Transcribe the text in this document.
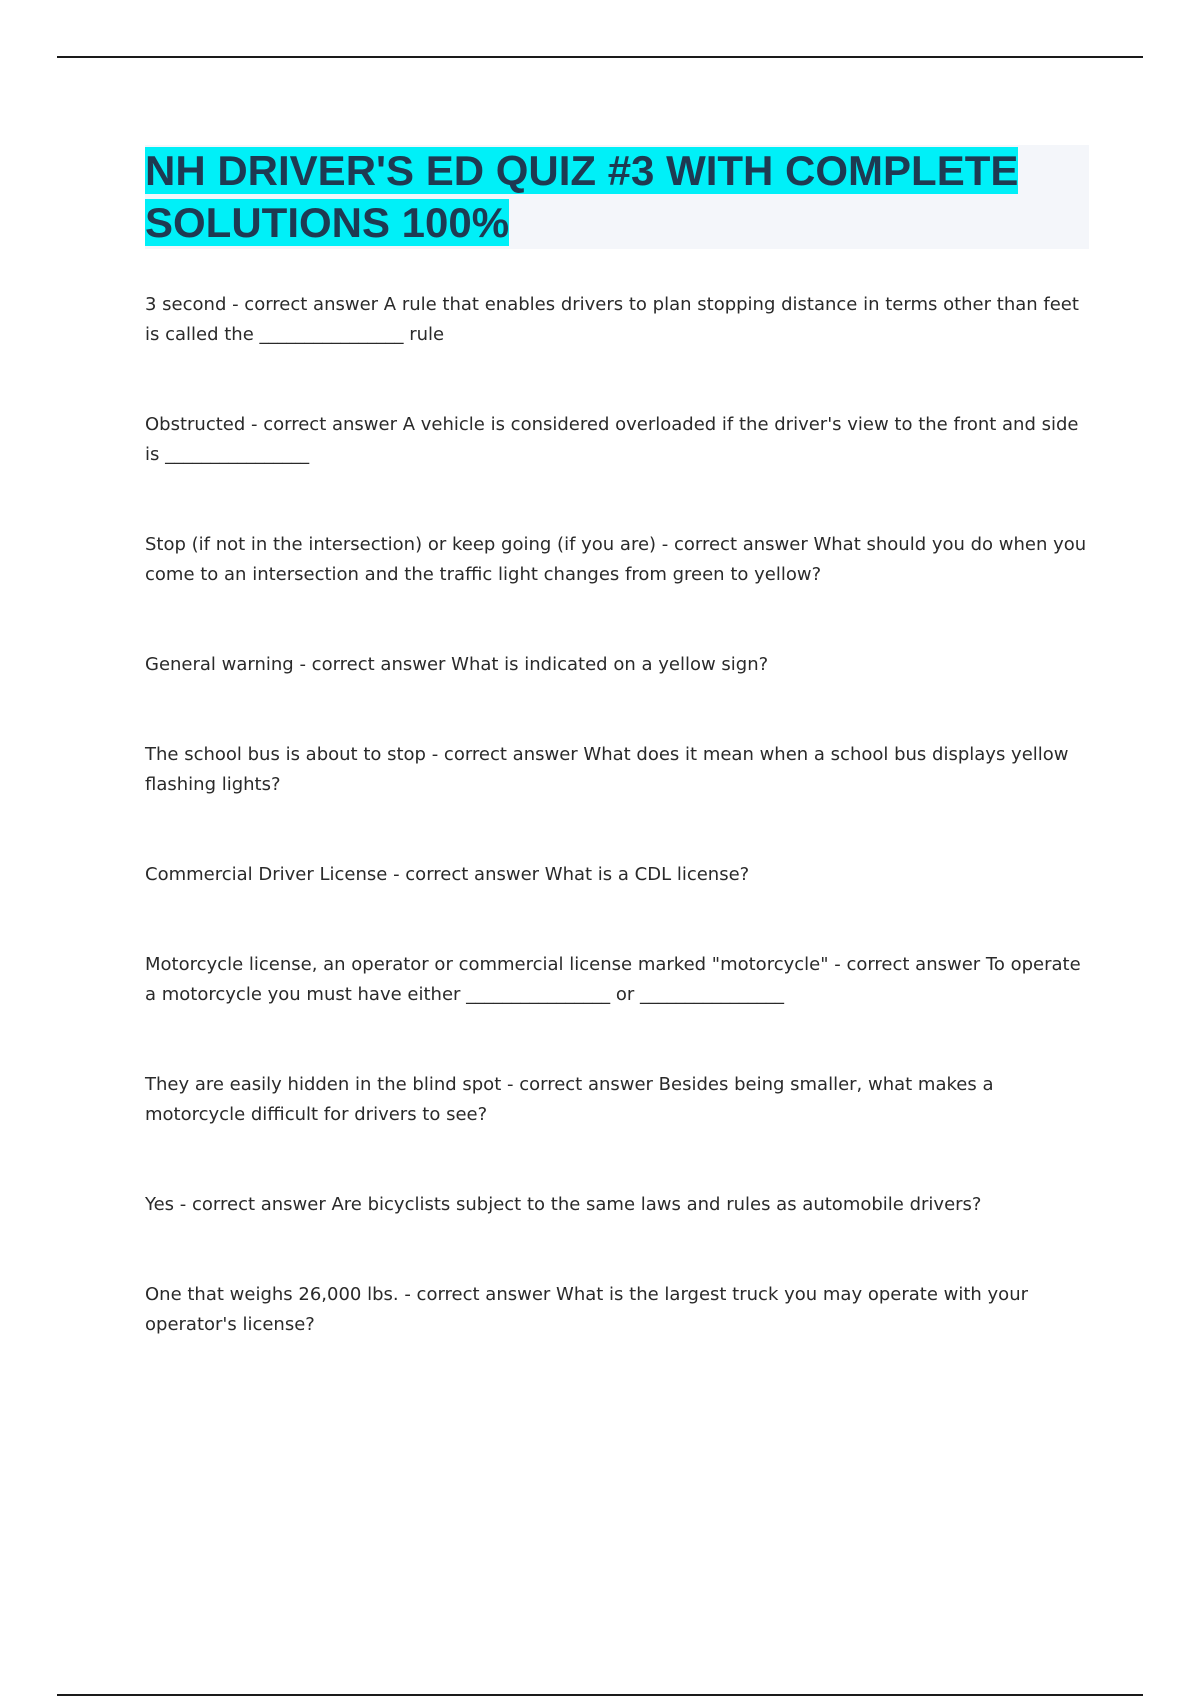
NH DRIVER'S ED QUIZ #3 WITH COMPLETE SOLUTIONS 100%

3 second - correct answer A rule that enables drivers to plan stopping distance in terms other than feet is called the ________________ rule

Obstructed - correct answer A vehicle is considered overloaded if the driver's view to the front and side is ________________

Stop (if not in the intersection) or keep going (if you are) - correct answer What should you do when you come to an intersection and the traffic light changes from green to yellow?

General warning - correct answer What is indicated on a yellow sign?

The school bus is about to stop - correct answer What does it mean when a school bus displays yellow flashing lights?

Commercial Driver License - correct answer What is a CDL license?

Motorcycle license, an operator or commercial license marked "motorcycle" - correct answer To operate a motorcycle you must have either ________________ or ________________

They are easily hidden in the blind spot - correct answer Besides being smaller, what makes a motorcycle difficult for drivers to see?

Yes - correct answer Are bicyclists subject to the same laws and rules as automobile drivers?

One that weighs 26,000 lbs. - correct answer What is the largest truck you may operate with your operator's license?
